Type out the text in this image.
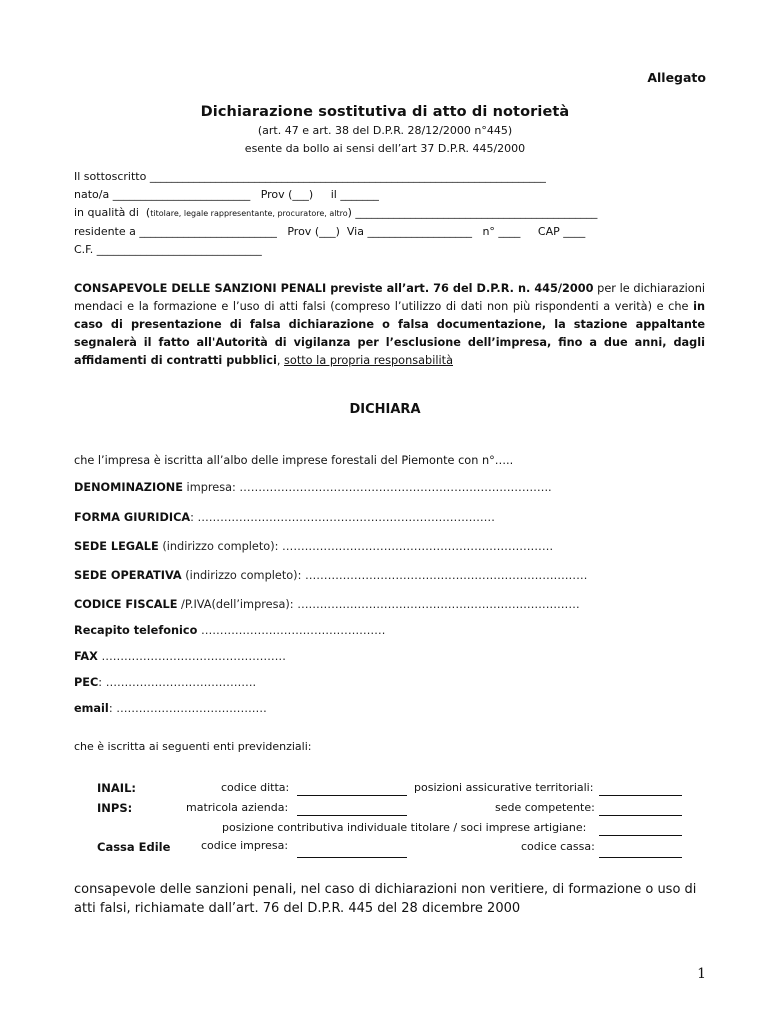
Allegato
Dichiarazione sostitutiva di atto di notorietà
(art. 47 e art. 38 del D.P.R. 28/12/2000 n°445)
esente da bollo ai sensi dell’art 37 D.P.R. 445/2000
Il sottoscritto ________________________________________________________________________
nato/a _________________________   Prov (___)     il _______
in qualità di  (titolare, legale rappresentante, procuratore, altro) ____________________________________________
residente a _________________________   Prov (___)  Via ___________________   n° ____     CAP ____
C.F. ______________________________
CONSAPEVOLE DELLE SANZIONI PENALI previste all’art. 76 del D.P.R. n. 445/2000 per le dichiarazioni mendaci e la formazione e l’uso di atti falsi (compreso l’utilizzo di dati non più rispondenti a verità) e che in caso di presentazione di falsa dichiarazione o falsa documentazione, la stazione appaltante segnalerà il fatto all'Autorità di vigilanza per l’esclusione dell’impresa, fino a due anni, dagli affidamenti di contratti pubblici, sotto la propria responsabilità
DICHIARA
che l’impresa è iscritta all’albo delle imprese forestali del Piemonte con n°…..
DENOMINAZIONE impresa: ………………………………………………………………………..
FORMA GIURIDICA: …………………………………………………………………….
SEDE LEGALE (indirizzo completo): ………………………………………………………………
SEDE OPERATIVA (indirizzo completo): …………………………………………………………………
CODICE FISCALE /P.IVA(dell’impresa): …………………………………………………………………
Recapito telefonico ………………………………………….
FAX ………………………………………….
PEC: ………………………………….
email: ………………………………….
che è iscritta ai seguenti enti previdenziali:
INAIL:	codice ditta:	posizioni assicurative territoriali:
INPS:	matricola azienda:	sede competente:
posizione contributiva individuale titolare / soci imprese artigiane:
Cassa Edile	codice impresa:	codice cassa:
consapevole delle sanzioni penali, nel caso di dichiarazioni non veritiere, di formazione o uso di atti falsi, richiamate dall’art. 76 del D.P.R. 445 del 28 dicembre 2000
1
